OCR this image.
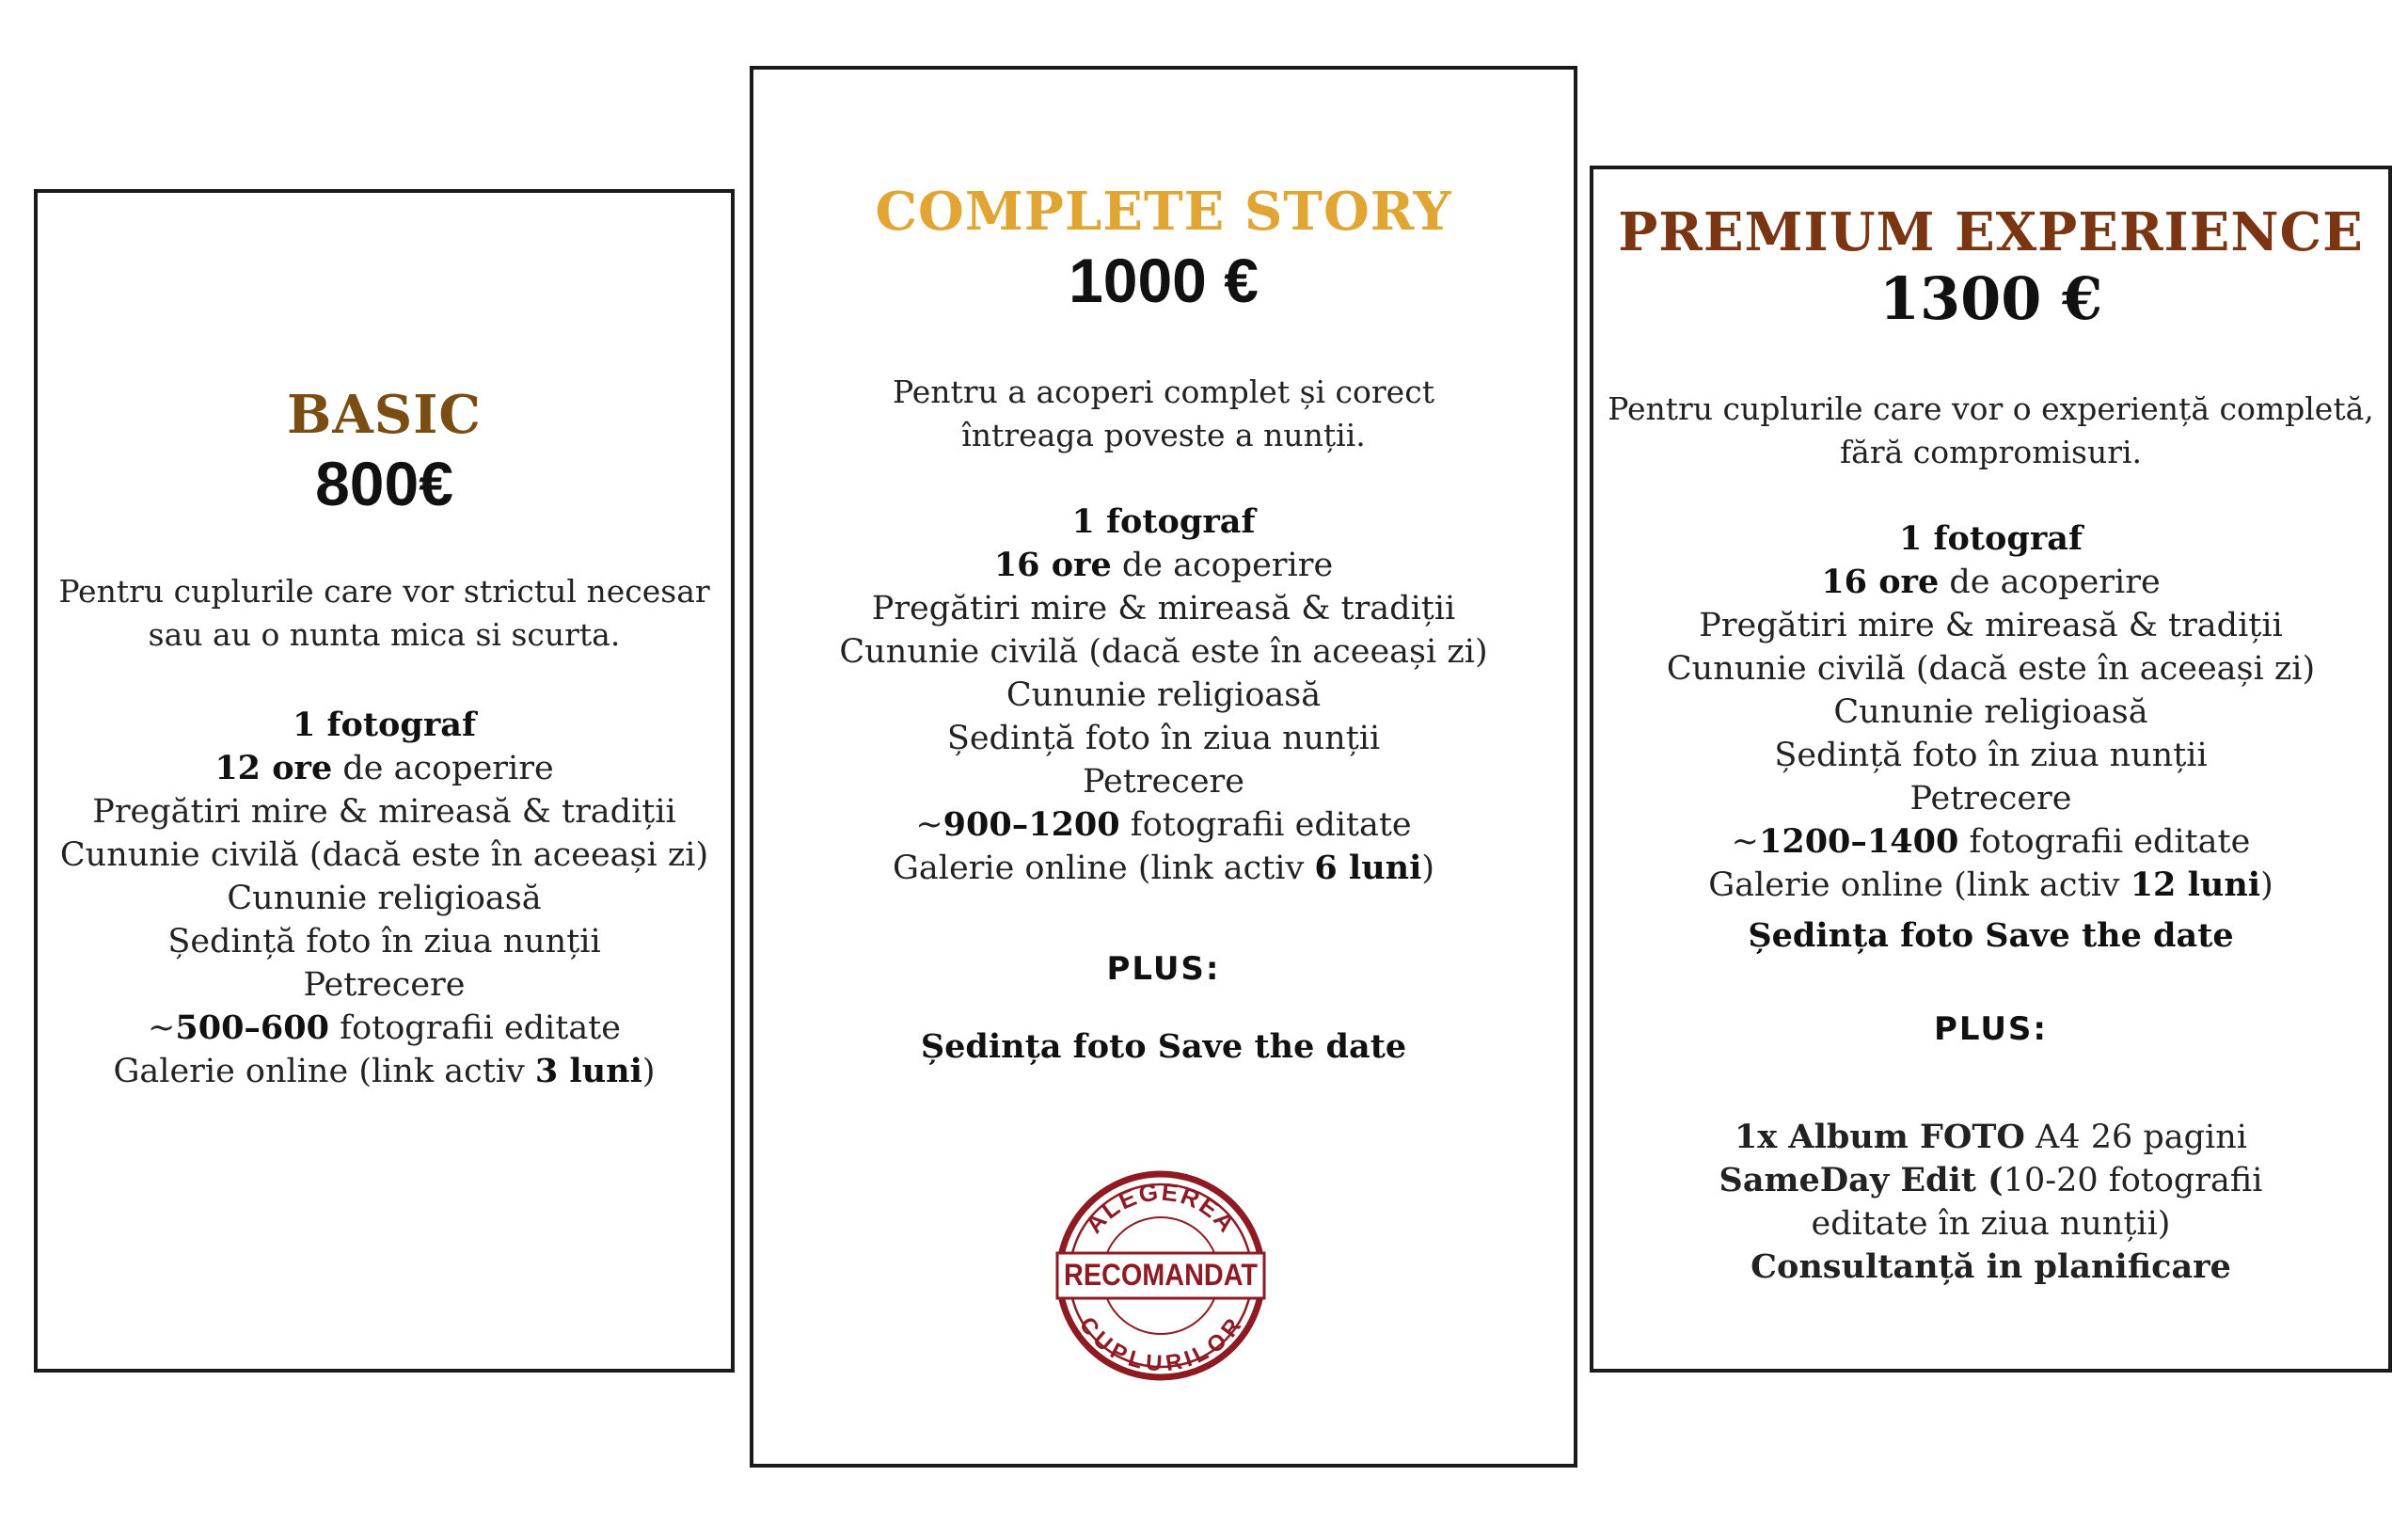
BASIC

800€

Pentru cuplurile care vor strictul necesar

sau au o nunta mica si scurta.

1 fotograf
12 ore de acoperire
Pregătiri mire & mireasă & tradiții
Cununie civilă (dacă este în aceeași zi)
Cununie religioasă
Ședință foto în ziua nunții
Petrecere
~500–600 fotografii editate
Galerie online (link activ 3 luni)
COMPLETE STORY

1000 €

Pentru a acoperi complet și corect

întreaga poveste a nunții.

1 fotograf
16 ore de acoperire
Pregătiri mire & mireasă & tradiții
Cununie civilă (dacă este în aceeași zi)
Cununie religioasă
Ședință foto în ziua nunții
Petrecere
~900–1200 fotografii editate
Galerie online (link activ 6 luni)

PLUS:

Ședința foto Save the date

ALEGEREA
RECOMANDAT
CUPLURILOR
PREMIUM EXPERIENCE

1300 €

Pentru cuplurile care vor o experiență completă,

fără compromisuri.

1 fotograf
16 ore de acoperire
Pregătiri mire & mireasă & tradiții
Cununie civilă (dacă este în aceeași zi)
Cununie religioasă
Ședință foto în ziua nunții
Petrecere
~1200–1400 fotografii editate
Galerie online (link activ 12 luni)

Ședința foto Save the date

PLUS:

1x Album FOTO A4 26 pagini
SameDay Edit (10-20 fotografii
editate în ziua nunții)
Consultanță in planificare
